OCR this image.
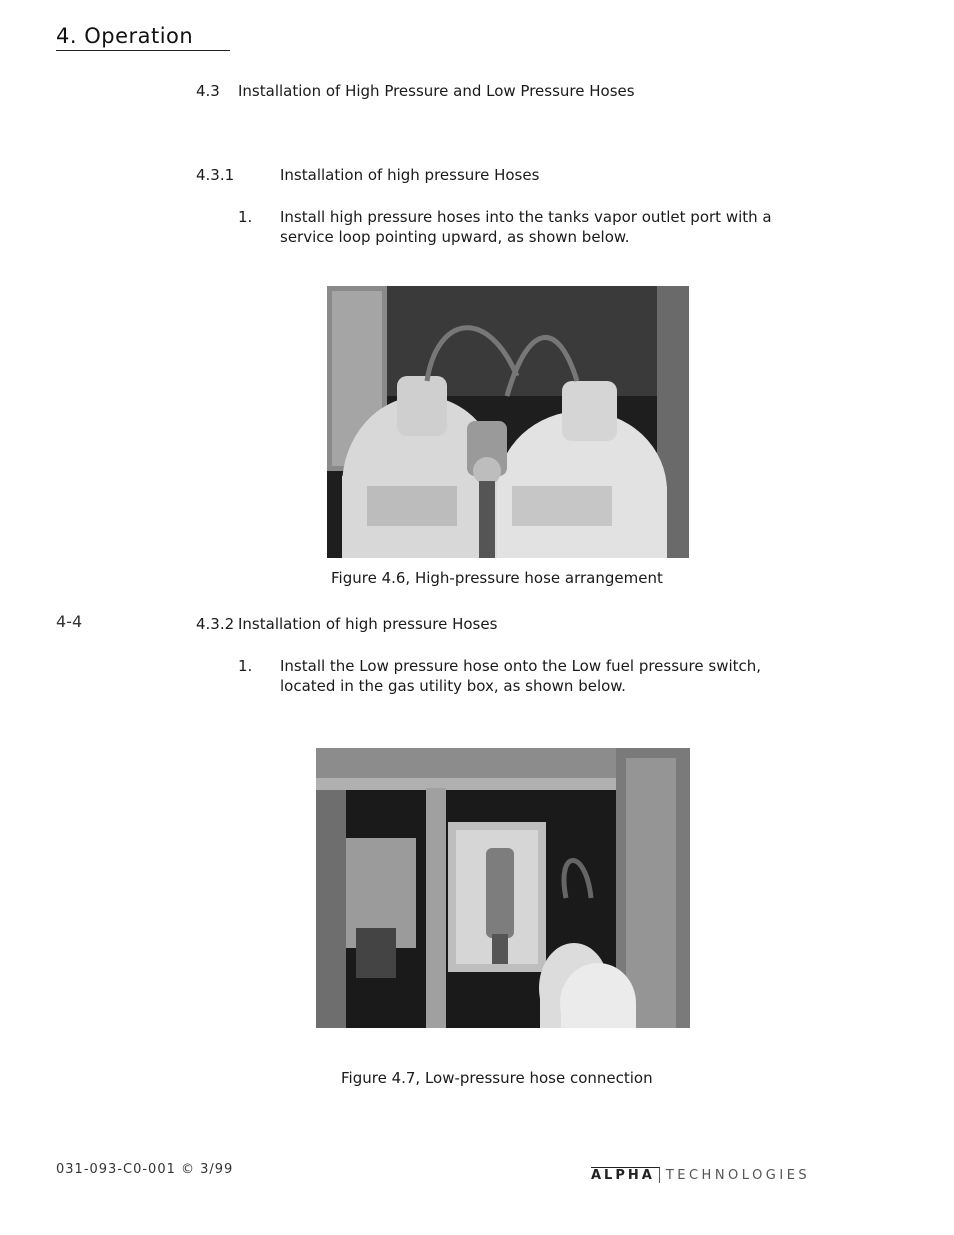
4. Operation
4.3 Installation of High Pressure and Low Pressure Hoses
4.3.1	Installation of high pressure Hoses
1. Install high pressure hoses into the tanks vapor outlet port with a
service loop pointing upward, as shown below.
Figure 4.6, High-pressure hose arrangement
4-4	4.3.2 Installation of high pressure Hoses
1. Install the Low pressure hose onto the Low fuel pressure switch,
located in the gas utility box, as shown below.
Figure 4.7, Low-pressure hose connection
031-093-C0-001 © 3/99	ALPHA TECHNOLOGIES
